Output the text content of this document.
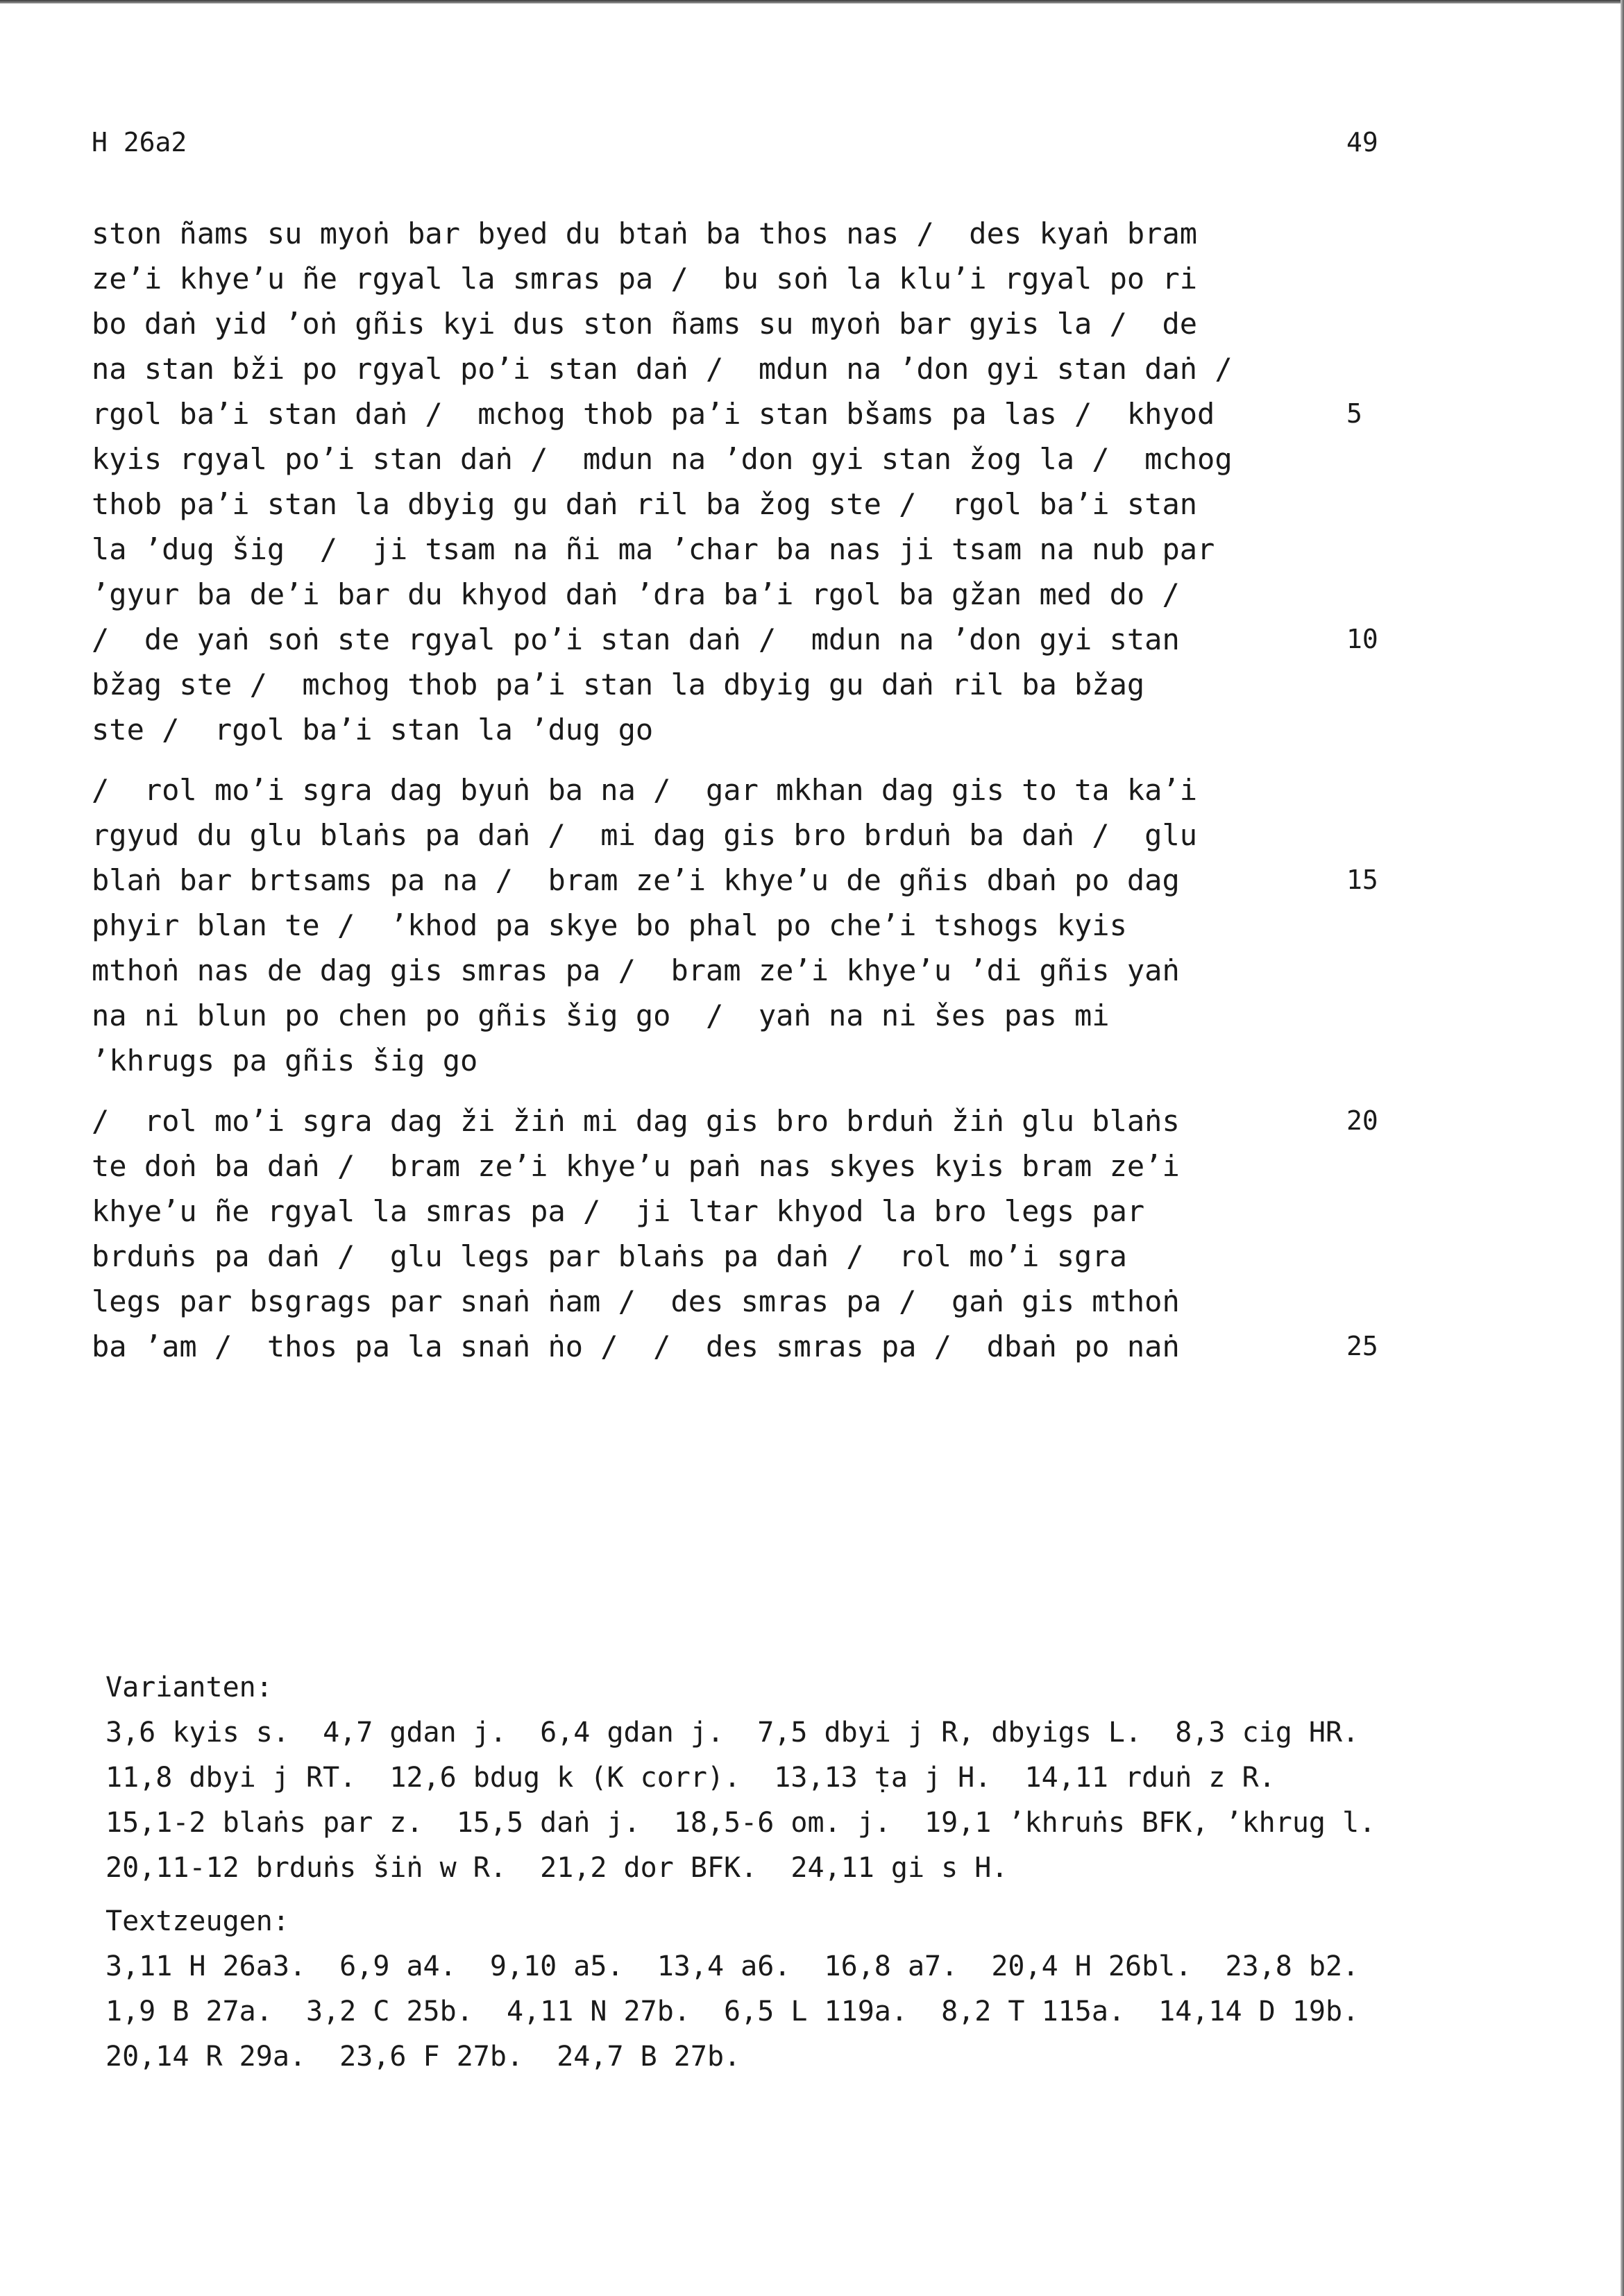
H 26a2	49
ston ñams su myoṅ bar byed du btaṅ ba thos nas /  des kyaṅ bram
ze’i khye’u ñe rgyal la smras pa /  bu soṅ la klu’i rgyal po ri
bo daṅ yid ’oṅ gñis kyi dus ston ñams su myoṅ bar gyis la /  de
na stan bži po rgyal po’i stan daṅ /  mdun na ’don gyi stan daṅ /
rgol ba’i stan daṅ /  mchog thob pa’i stan bšams pa las /  khyod	5
kyis rgyal po’i stan daṅ /  mdun na ’don gyi stan žog la /  mchog
thob pa’i stan la dbyig gu daṅ ril ba žog ste /  rgol ba’i stan
la ’dug šig  /  ji tsam na ñi ma ’char ba nas ji tsam na nub par
’gyur ba de’i bar du khyod daṅ ’dra ba’i rgol ba gžan med do /
/  de yaṅ soṅ ste rgyal po’i stan daṅ /  mdun na ’don gyi stan	10
bžag ste /  mchog thob pa’i stan la dbyig gu daṅ ril ba bžag
ste /  rgol ba’i stan la ’dug go
/  rol mo’i sgra dag byuṅ ba na /  gar mkhan dag gis to ta ka’i
rgyud du glu blaṅs pa daṅ /  mi dag gis bro brduṅ ba daṅ /  glu
blaṅ bar brtsams pa na /  bram ze’i khye’u de gñis dbaṅ po dag	15
phyir blan te /  ’khod pa skye bo phal po che’i tshogs kyis
mthoṅ nas de dag gis smras pa /  bram ze’i khye’u ’di gñis yaṅ
na ni blun po chen po gñis šig go  /  yaṅ na ni šes pas mi
’khrugs pa gñis šig go
/  rol mo’i sgra dag ži žiṅ mi dag gis bro brduṅ žiṅ glu blaṅs	20
te doṅ ba daṅ /  bram ze’i khye’u paṅ nas skyes kyis bram ze’i
khye’u ñe rgyal la smras pa /  ji ltar khyod la bro legs par
brduṅs pa daṅ /  glu legs par blaṅs pa daṅ /  rol mo’i sgra
legs par bsgrags par snaṅ ṅam /  des smras pa /  gaṅ gis mthoṅ
ba ’am /  thos pa la snaṅ ṅo /  /  des smras pa /  dbaṅ po naṅ	25
Varianten:
3,6 kyis s.  4,7 gdan j.  6,4 gdan j.  7,5 dbyi j R, dbyigs L.  8,3 cig HR.  11,8 dbyi j RT.  12,6 bdug k (K corr).  13,13 ṭa j H.  14,11 rduṅ z R.  15,1-2 blaṅs par z.  15,5 daṅ j.  18,5-6 om. j.  19,1 ’khruṅs BFK, ’khrug l.  20,11-12 brduṅs šiṅ w R.  21,2 dor BFK.  24,11 gi s H.
Textzeugen:
3,11 H 26a3.  6,9 a4.  9,10 a5.  13,4 a6.  16,8 a7.  20,4 H 26bl.  23,8 b2.
1,9 B 27a.  3,2 C 25b.  4,11 N 27b.  6,5 L 119a.  8,2 T 115a.  14,14 D 19b.  20,14 R 29a.  23,6 F 27b.  24,7 B 27b.
